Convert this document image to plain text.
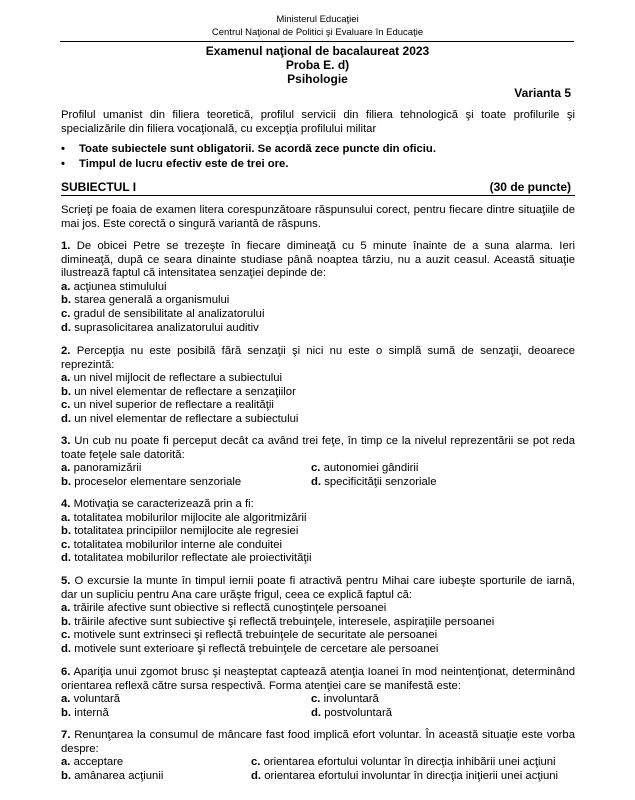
Ministerul Educaţiei
Centrul Naţional de Politici şi Evaluare în Educaţie
Examenul naţional de bacalaureat 2023
Proba E. d)
Psihologie
Varianta 5
Profilul umanist din filiera teoretică, profilul servicii din filiera tehnologică şi toate profilurile şi specializările din filiera vocaţională, cu excepţia profilului militar
• Toate subiectele sunt obligatorii. Se acordă zece puncte din oficiu.
• Timpul de lucru efectiv este de trei ore.
SUBIECTUL I	(30 de puncte)
Scrieţi pe foaia de examen litera corespunzătoare răspunsului corect, pentru fiecare dintre situaţiile de mai jos. Este corectă o singură variantă de răspuns.

1. De obicei Petre se trezeşte în fiecare dimineaţă cu 5 minute înainte de a suna alarma. Ieri dimineaţă, după ce seara dinainte studiase până noaptea târziu, nu a auzit ceasul. Această situaţie ilustrează faptul că intensitatea senzaţiei depinde de:

a. acţiunea stimulului
b. starea generală a organismului
c. gradul de sensibilitate al analizatorului
d. suprasolicitarea analizatorului auditiv

2. Percepţia nu este posibilă fără senzaţii şi nici nu este o simplă sumă de senzaţii, deoarece reprezintă:

a. un nivel mijlocit de reflectare a subiectului
b. un nivel elementar de reflectare a senzaţiilor
c. un nivel superior de reflectare a realităţii
d. un nivel elementar de reflectare a subiectului

3. Un cub nu poate fi perceput decât ca având trei feţe, în timp ce la nivelul reprezentării se pot reda toate feţele sale datorită:

a. panoramizării	c. autonomiei gândirii
b. proceselor elementare senzoriale	d. specificităţii senzoriale

4. Motivaţia se caracterizează prin a fi:

a. totalitatea mobilurilor mijlocite ale algoritmizării
b. totalitatea principiilor nemijlocite ale regresiei
c. totalitatea mobilurilor interne ale conduitei
d. totalitatea mobilurilor reflectate ale proiectivităţii

5. O excursie la munte în timpul iernii poate fi atractivă pentru Mihai care iubeşte sporturile de iarnă, dar un supliciu pentru Ana care urăşte frigul, ceea ce explică faptul că:

a. trăirile afective sunt obiective si reflectă cunoştinţele persoanei
b. trăirile afective sunt subiective şi reflectă trebuinţele, interesele, aspiraţiile persoanei
c. motivele sunt extrinseci şi reflectă trebuinţele de securitate ale persoanei
d. motivele sunt exterioare şi reflectă trebuinţele de cercetare ale persoanei

6. Apariţia unui zgomot brusc şi neaşteptat captează atenţia Ioanei în mod neintenţionat, determinând orientarea reflexă către sursa respectivă. Forma atenţiei care se manifestă este:

a. voluntară	c. involuntară
b. internă	d. postvoluntară

7. Renunţarea la consumul de mâncare fast food implică efort voluntar. În această situaţie este vorba despre:

a. acceptare	c. orientarea efortului voluntar în direcţia inhibării unei acţiuni
b. amânarea acţiunii	d. orientarea efortului involuntar în direcţia iniţierii unei acţiuni
